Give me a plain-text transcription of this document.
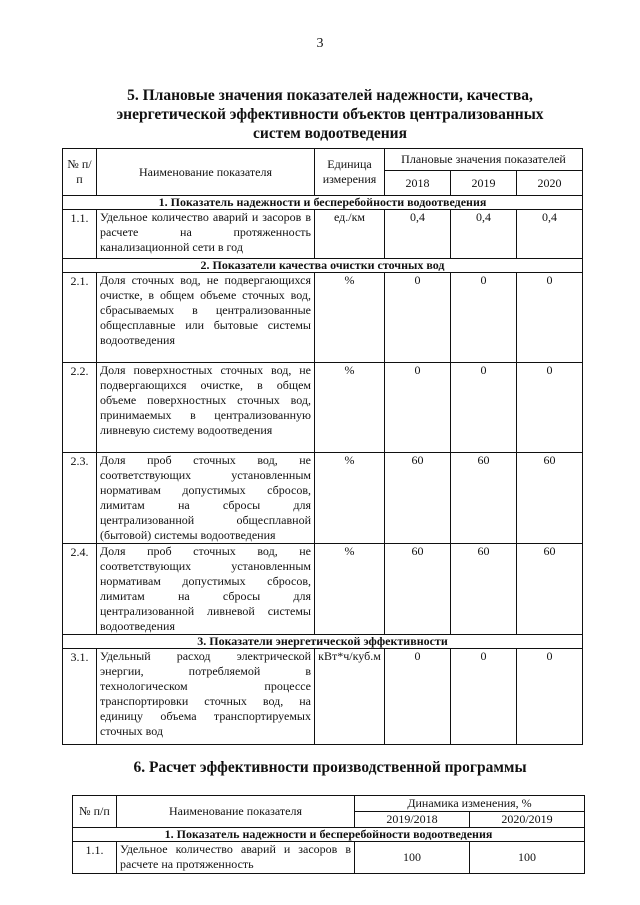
3
5. Плановые значения показателей надежности, качества,
энергетической эффективности объектов централизованных
систем водоотведения
№ п/п	Наименование показателя	Единица измерения	Плановые значения показателей		
			2018	2019	2020
1. Показатель надежности и бесперебойности водоотведения					
1.1.	Удельное количество аварий и засоров в расчете на протяженность канализационной сети в год	ед./км	0,4	0,4	0,4
2. Показатели качества очистки сточных вод					
2.1.	Доля сточных вод, не подвергающихся очистке, в общем объеме сточных вод, сбрасываемых в централизованные общесплавные или бытовые системы водоотведения	%	0	0	0
2.2.	Доля поверхностных сточных вод, не подвергающихся очистке, в общем объеме поверхностных сточных вод, принимаемых в централизованную ливневую систему водоотведения	%	0	0	0
2.3.	Доля проб сточных вод, не соответствующих установленным нормативам допустимых сбросов, лимитам на сбросы для централизованной общесплавной (бытовой) системы водоотведения	%	60	60	60
2.4.	Доля проб сточных вод, не соответствующих установленным нормативам допустимых сбросов, лимитам на сбросы для централизованной ливневой системы водоотведения	%	60	60	60
3. Показатели энергетической эффективности					
3.1.	Удельный расход электрической энергии, потребляемой в технологическом процессе транспортировки сточных вод, на единицу объема транспортируемых сточных вод	кВт*ч/куб.м	0	0	0
6. Расчет эффективности производственной программы
№ п/п	Наименование показателя	Динамика изменения, %	
		2019/2018	2020/2019
1. Показатель надежности и бесперебойности водоотведения			
1.1.	Удельное количество аварий и засоров в расчете на протяженность	100	100
